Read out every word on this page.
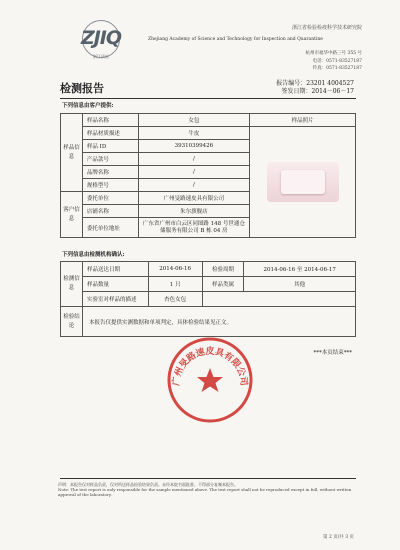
ZJIQ
浙江质检
浙江省检验检疫科学技术研究院
Zhejiang Academy of Science and Technology for Inspection and Quarantine
杭州市福华中路三号 355 号
电话：0571-83527187
传真：0571-83527187
检测报告	报告编号：23201 4004527
签发日期：2014－06－17
下列信息由客户提供:
样品信息	样品名称	女包	样品照片
	样品材质描述	牛皮	

	样品 ID	39310399426	
	产品款号	/	
	品牌名称	/	
	规格型号	/	
客户信息	委托单位	广州旻路速皮具有限公司	
	店铺名称	朱尔旗舰店	
	委托单位地址	广东省广州市白云区同图路 148 号世通仓储服务有限公司 B 栋 04 房	
下列信息由检测机构确认:
检测信息	样品送达日期	2014-06-16	检验周期	2014-06-16 至 2014-06-17
	样品数量	1 只	样品类属	其他
	实验室对样品的描述	杏色女包		
检验结论	本报告仅提供实测数据和单项判定，具体检验结果见正文。			
***本页结束***
广州旻路速皮具有限公司
声明：本报告仅对样品负责，仅对所送样品检验结果负责。未经本院书面批准，不得部分复制本报告。
Note: The test report is only responsible for the sample mentioned above. The test report shall not be reproduced except in full, without written approval of the laboratory.
第 2 页/共 3 页
